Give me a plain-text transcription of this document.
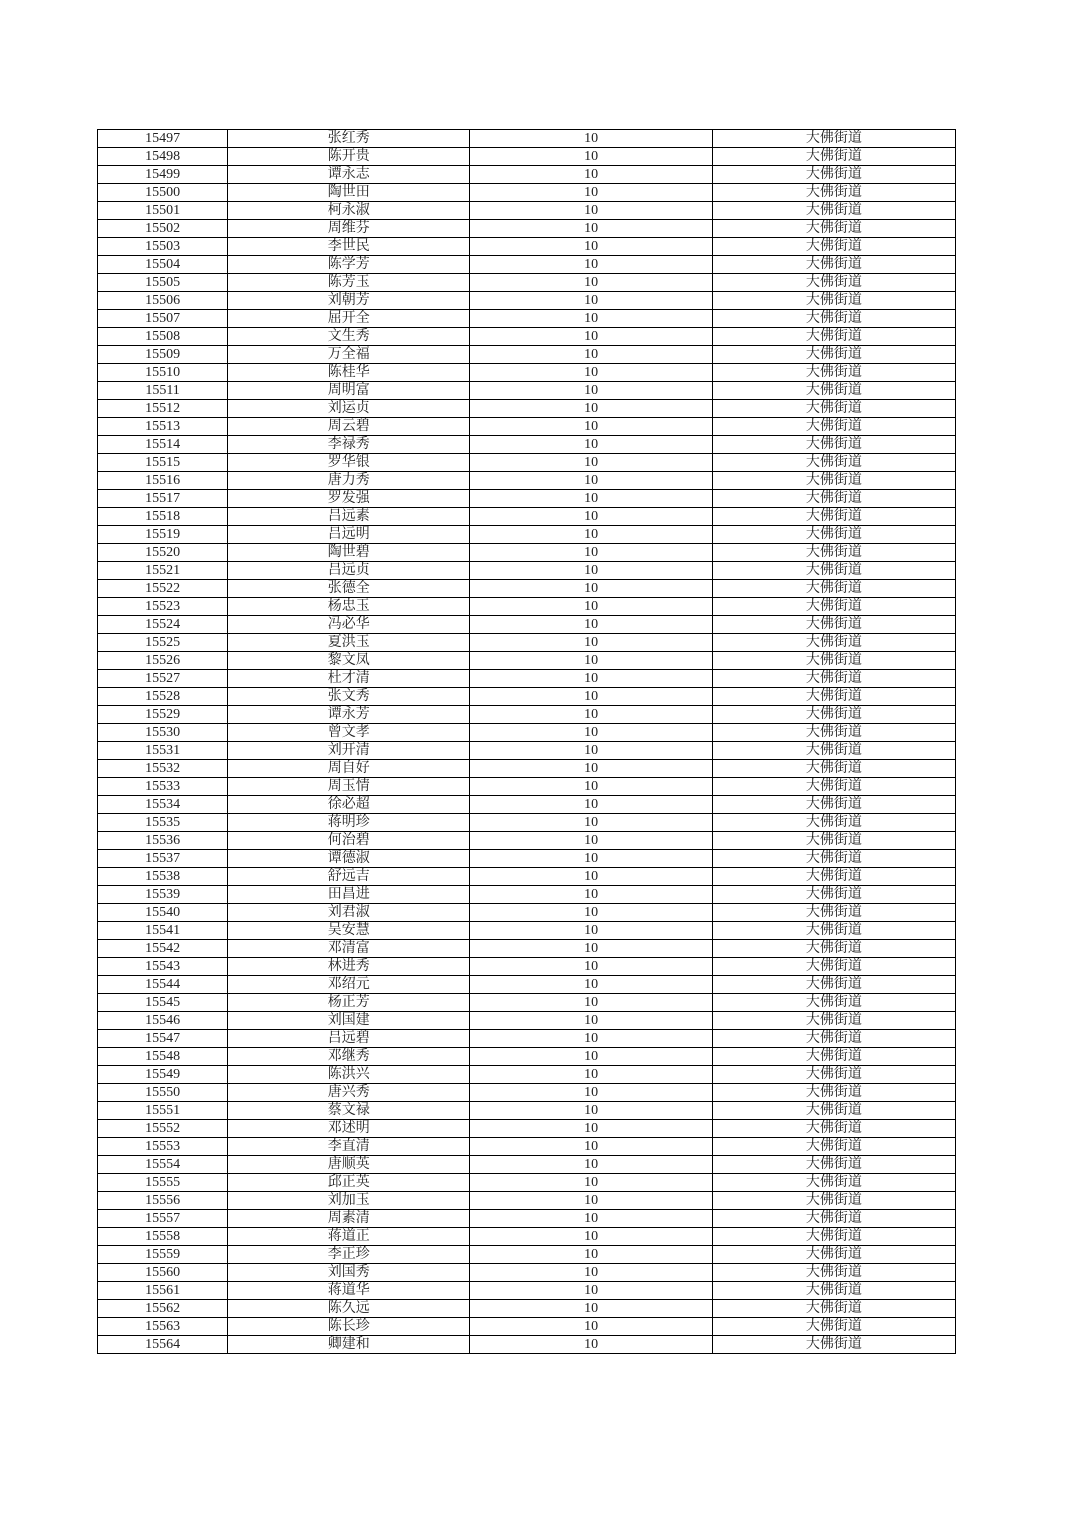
15497	张红秀	10	大佛街道
15498	陈开贵	10	大佛街道
15499	谭永志	10	大佛街道
15500	陶世田	10	大佛街道
15501	柯永淑	10	大佛街道
15502	周维芬	10	大佛街道
15503	李世民	10	大佛街道
15504	陈学芳	10	大佛街道
15505	陈芳玉	10	大佛街道
15506	刘朝芳	10	大佛街道
15507	屈开全	10	大佛街道
15508	文生秀	10	大佛街道
15509	万全福	10	大佛街道
15510	陈桂华	10	大佛街道
15511	周明富	10	大佛街道
15512	刘运贞	10	大佛街道
15513	周云碧	10	大佛街道
15514	李禄秀	10	大佛街道
15515	罗华银	10	大佛街道
15516	唐力秀	10	大佛街道
15517	罗发强	10	大佛街道
15518	吕远素	10	大佛街道
15519	吕远明	10	大佛街道
15520	陶世碧	10	大佛街道
15521	吕远贞	10	大佛街道
15522	张德全	10	大佛街道
15523	杨忠玉	10	大佛街道
15524	冯必华	10	大佛街道
15525	夏洪玉	10	大佛街道
15526	黎文凤	10	大佛街道
15527	杜才清	10	大佛街道
15528	张文秀	10	大佛街道
15529	谭永芳	10	大佛街道
15530	曾文孝	10	大佛街道
15531	刘开清	10	大佛街道
15532	周自好	10	大佛街道
15533	周玉情	10	大佛街道
15534	徐必超	10	大佛街道
15535	蒋明珍	10	大佛街道
15536	何治碧	10	大佛街道
15537	谭德淑	10	大佛街道
15538	舒远吉	10	大佛街道
15539	田昌进	10	大佛街道
15540	刘君淑	10	大佛街道
15541	吴安慧	10	大佛街道
15542	邓清富	10	大佛街道
15543	林进秀	10	大佛街道
15544	邓绍元	10	大佛街道
15545	杨正芳	10	大佛街道
15546	刘国建	10	大佛街道
15547	吕远碧	10	大佛街道
15548	邓继秀	10	大佛街道
15549	陈洪兴	10	大佛街道
15550	唐兴秀	10	大佛街道
15551	蔡文禄	10	大佛街道
15552	邓述明	10	大佛街道
15553	李直清	10	大佛街道
15554	唐顺英	10	大佛街道
15555	邱正英	10	大佛街道
15556	刘加玉	10	大佛街道
15557	周素清	10	大佛街道
15558	蒋道正	10	大佛街道
15559	李正珍	10	大佛街道
15560	刘国秀	10	大佛街道
15561	蒋道华	10	大佛街道
15562	陈久远	10	大佛街道
15563	陈长珍	10	大佛街道
15564	卿建和	10	大佛街道
